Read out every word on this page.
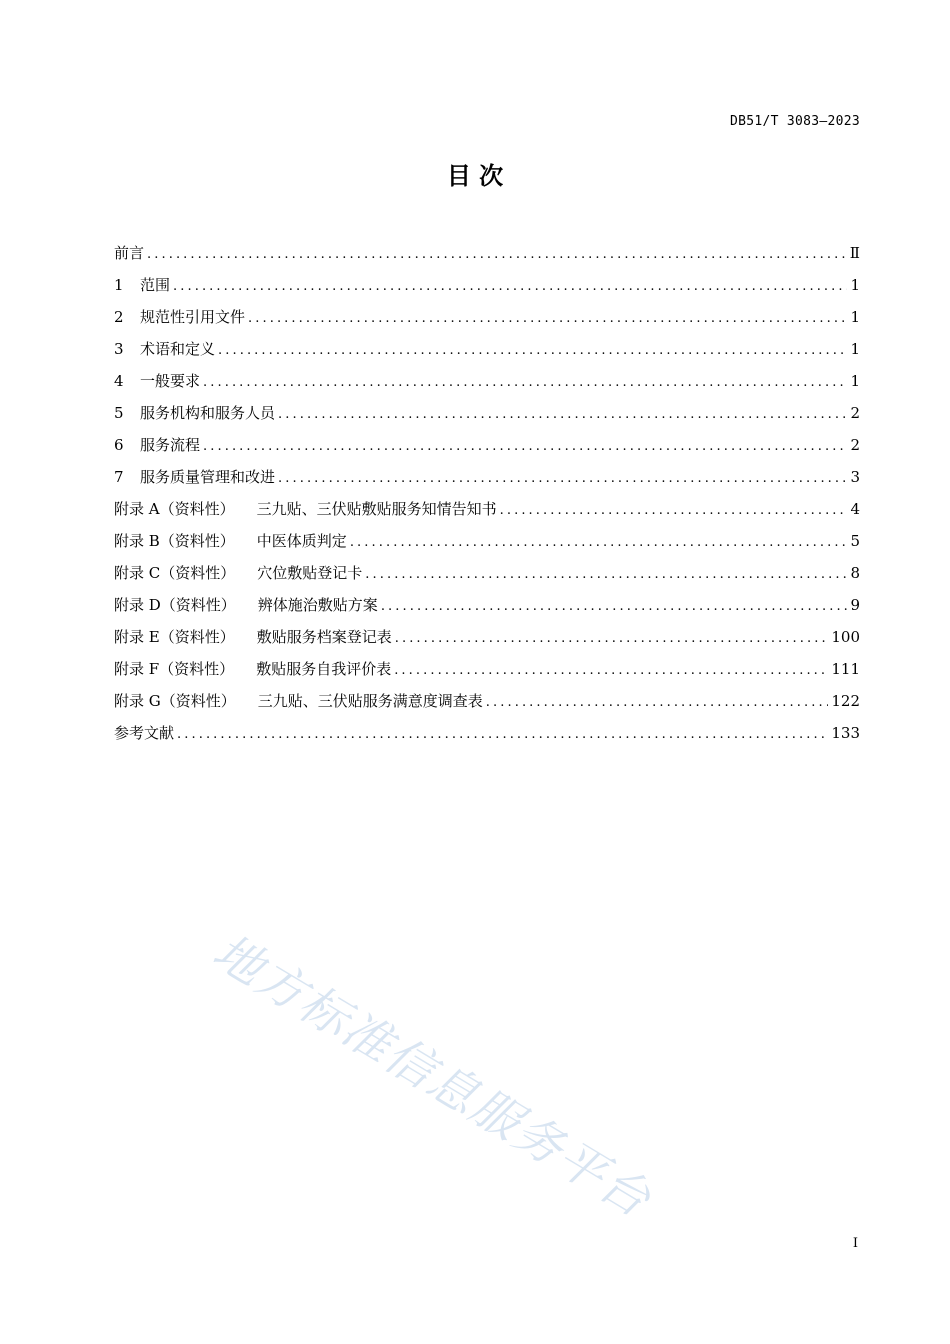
DB51/T 3083—2023
目 次
前言 .....	Ⅱ
1	范围 .....	1
2	规范性引用文件 .....	1
3	术语和定义 .....	1
4	一般要求 .....	1
5	服务机构和服务人员 .....	2
6	服务流程 .....	2
7	服务质量管理和改进 .....	3
附录 A（资料性） 三九贴、三伏贴敷贴服务知情告知书 .....	4
附录 B（资料性） 中医体质判定 .....	5
附录 C（资料性） 穴位敷贴登记卡 .....	8
附录 D（资料性） 辨体施治敷贴方案 .....	9
附录 E（资料性） 敷贴服务档案登记表 .....	100
附录 F（资料性） 敷贴服务自我评价表 .....	111
附录 G（资料性） 三九贴、三伏贴服务满意度调查表 .....	122
参考文献 .....	133
地方标准信息服务平台
I
